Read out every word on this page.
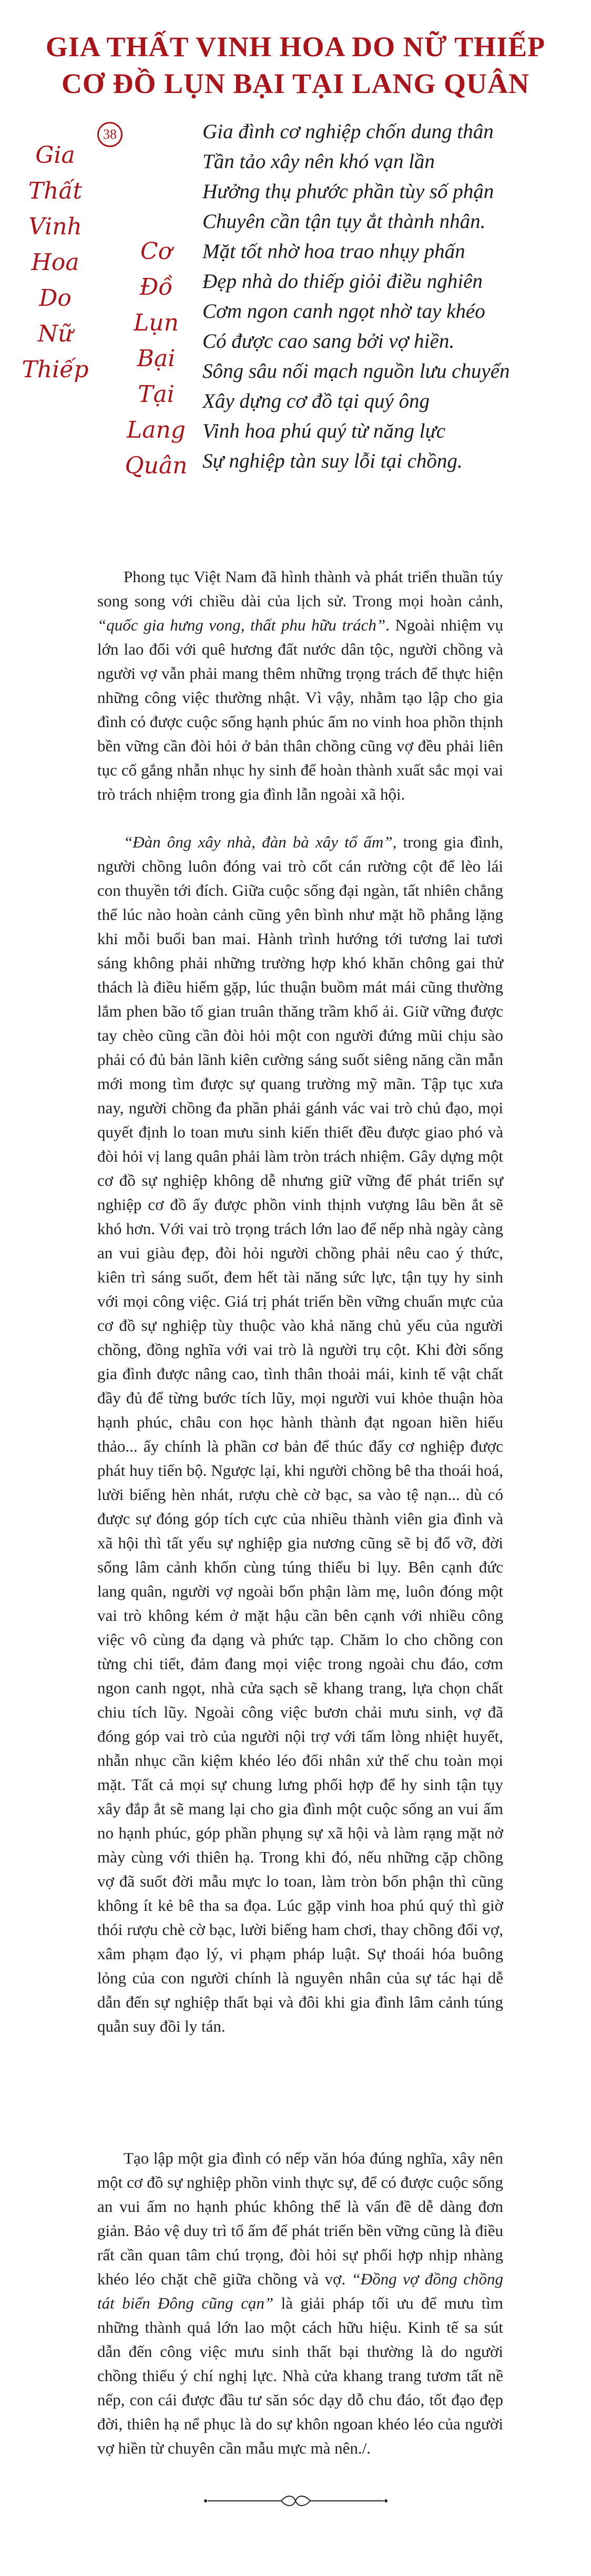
GIA THẤT VINH HOA DO NỮ THIẾP
CƠ ĐỒ LỤN BẠI TẠI LANG QUÂN
38
Gia
Thất
Vinh
Hoa
Do
Nữ
Thiếp
Cơ
Đồ
Lụn
Bại
Tại
Lang
Quân
Gia đình cơ nghiệp chốn dung thân
Tần tảo xây nên khó vạn lần
Hưởng thụ phước phần tùy số phận
Chuyên cần tận tụy ắt thành nhân.
Mặt tốt nhờ hoa trao nhụy phấn
Đẹp nhà do thiếp giỏi điều nghiên
Cơm ngon canh ngọt nhờ tay khéo
Có được cao sang bởi vợ hiền.
Sông sâu nối mạch nguồn lưu chuyển
Xây dựng cơ đồ tại quý ông
Vinh hoa phú quý từ năng lực
Sự nghiệp tàn suy lỗi tại chồng.

Phong tục Việt Nam đã hình thành và phát triển thuần túy song song với chiều dài của lịch sử. Trong mọi hoàn cảnh, “quốc gia hưng vong, thất phu hữu trách”. Ngoài nhiệm vụ lớn lao đối với quê hương đất nước dân tộc, người chồng và người vợ vẫn phải mang thêm những trọng trách để thực hiện những công việc thường nhật. Vì vậy, nhằm tạo lập cho gia đình có được cuộc sống hạnh phúc ấm no vinh hoa phồn thịnh bền vững cần đòi hỏi ở bản thân chồng cũng vợ đều phải liên tục cố gắng nhẫn nhục hy sinh để hoàn thành xuất sắc mọi vai trò trách nhiệm trong gia đình lẫn ngoài xã hội.

“Đàn ông xây nhà, đàn bà xây tổ ấm”, trong gia đình, người chồng luôn đóng vai trò cốt cán rường cột để lèo lái con thuyền tới đích. Giữa cuộc sống đại ngàn, tất nhiên chẳng thể lúc nào hoàn cảnh cũng yên bình như mặt hồ phẳng lặng khi mỗi buổi ban mai. Hành trình hướng tới tương lai tươi sáng không phải những trường hợp khó khăn chông gai thử thách là điều hiếm gặp, lúc thuận buồm mát mái cũng thường lắm phen bão tố gian truân thăng trầm khổ ải. Giữ vững được tay chèo cũng cần đòi hỏi một con người đứng mũi chịu sào phải có đủ bản lãnh kiên cường sáng suốt siêng năng cần mẫn mới mong tìm được sự quang trường mỹ mãn. Tập tục xưa nay, người chồng đa phần phải gánh vác vai trò chủ đạo, mọi quyết định lo toan mưu sinh kiến thiết đều được giao phó và đòi hỏi vị lang quân phải làm tròn trách nhiệm. Gây dựng một cơ đồ sự nghiệp không dễ nhưng giữ vững để phát triển sự nghiệp cơ đồ ấy được phồn vinh thịnh vượng lâu bền ắt sẽ khó hơn. Với vai trò trọng trách lớn lao để nếp nhà ngày càng an vui giàu đẹp, đòi hỏi người chồng phải nêu cao ý thức, kiên trì sáng suốt, đem hết tài năng sức lực, tận tụy hy sinh với mọi công việc. Giá trị phát triển bền vững chuẩn mực của cơ đồ sự nghiệp tùy thuộc vào khả năng chủ yếu của người chồng, đồng nghĩa với vai trò là người trụ cột. Khi đời sống gia đình được nâng cao, tình thân thoải mái, kinh tế vật chất đầy đủ để từng bước tích lũy, mọi người vui khỏe thuận hòa hạnh phúc, châu con học hành thành đạt ngoan hiền hiếu thảo... ấy chính là phần cơ bản để thúc đẩy cơ nghiệp được phát huy tiến bộ. Ngược lại, khi người chồng bê tha thoái hoá, lười biếng hèn nhát, rượu chè cờ bạc, sa vào tệ nạn... dù có được sự đóng góp tích cực của nhiều thành viên gia đình và xã hội thì tất yếu sự nghiệp gia nương cũng sẽ bị đổ vỡ, đời sống lâm cảnh khốn cùng túng thiếu bi lụy. Bên cạnh đức lang quân, người vợ ngoài bổn phận làm mẹ, luôn đóng một vai trò không kém ở mặt hậu cần bên cạnh với nhiều công việc vô cùng đa dạng và phức tạp. Chăm lo cho chồng con từng chi tiết, đảm đang mọi việc trong ngoài chu đáo, cơm ngon canh ngọt, nhà cửa sạch sẽ khang trang, lựa chọn chất chiu tích lũy. Ngoài công việc bươn chải mưu sinh, vợ đã đóng góp vai trò của người nội trợ với tấm lòng nhiệt huyết, nhẫn nhục cần kiệm khéo léo đối nhân xử thế chu toàn mọi mặt. Tất cả mọi sự chung lưng phối hợp để hy sinh tận tụy xây đắp ắt sẽ mang lại cho gia đình một cuộc sống an vui ấm no hạnh phúc, góp phần phụng sự xã hội và làm rạng mặt nở mày cùng với thiên hạ. Trong khi đó, nếu những cặp chồng vợ đã suốt đời mẫu mực lo toan, làm tròn bổn phận thì cũng không ít kẻ bê tha sa đọa. Lúc gặp vinh hoa phú quý thì giờ thói rượu chè cờ bạc, lười biếng ham chơi, thay chồng đổi vợ, xâm phạm đạo lý, vi phạm pháp luật. Sự thoái hóa buông lỏng của con người chính là nguyên nhân của sự tác hại dễ dẫn đến sự nghiệp thất bại và đôi khi gia đình lâm cảnh túng quẫn suy đồi ly tán.

Tạo lập một gia đình có nếp văn hóa đúng nghĩa, xây nên một cơ đồ sự nghiệp phồn vinh thực sự, để có được cuộc sống an vui ấm no hạnh phúc không thể là vấn đề dễ dàng đơn giản. Bảo vệ duy trì tổ ấm để phát triển bền vững cũng là điều rất cần quan tâm chú trọng, đòi hỏi sự phối hợp nhịp nhàng khéo léo chặt chẽ giữa chồng và vợ. “Đồng vợ đồng chồng tát biển Đông cũng cạn” là giải pháp tối ưu để mưu tìm những thành quả lớn lao một cách hữu hiệu. Kinh tế sa sút dẫn đến công việc mưu sinh thất bại thường là do người chồng thiếu ý chí nghị lực. Nhà cửa khang trang tươm tất nề nếp, con cái được đầu tư săn sóc dạy dỗ chu đáo, tốt đạo đẹp đời, thiên hạ nể phục là do sự khôn ngoan khéo léo của người vợ hiền từ chuyên cần mẫu mực mà nên./.
